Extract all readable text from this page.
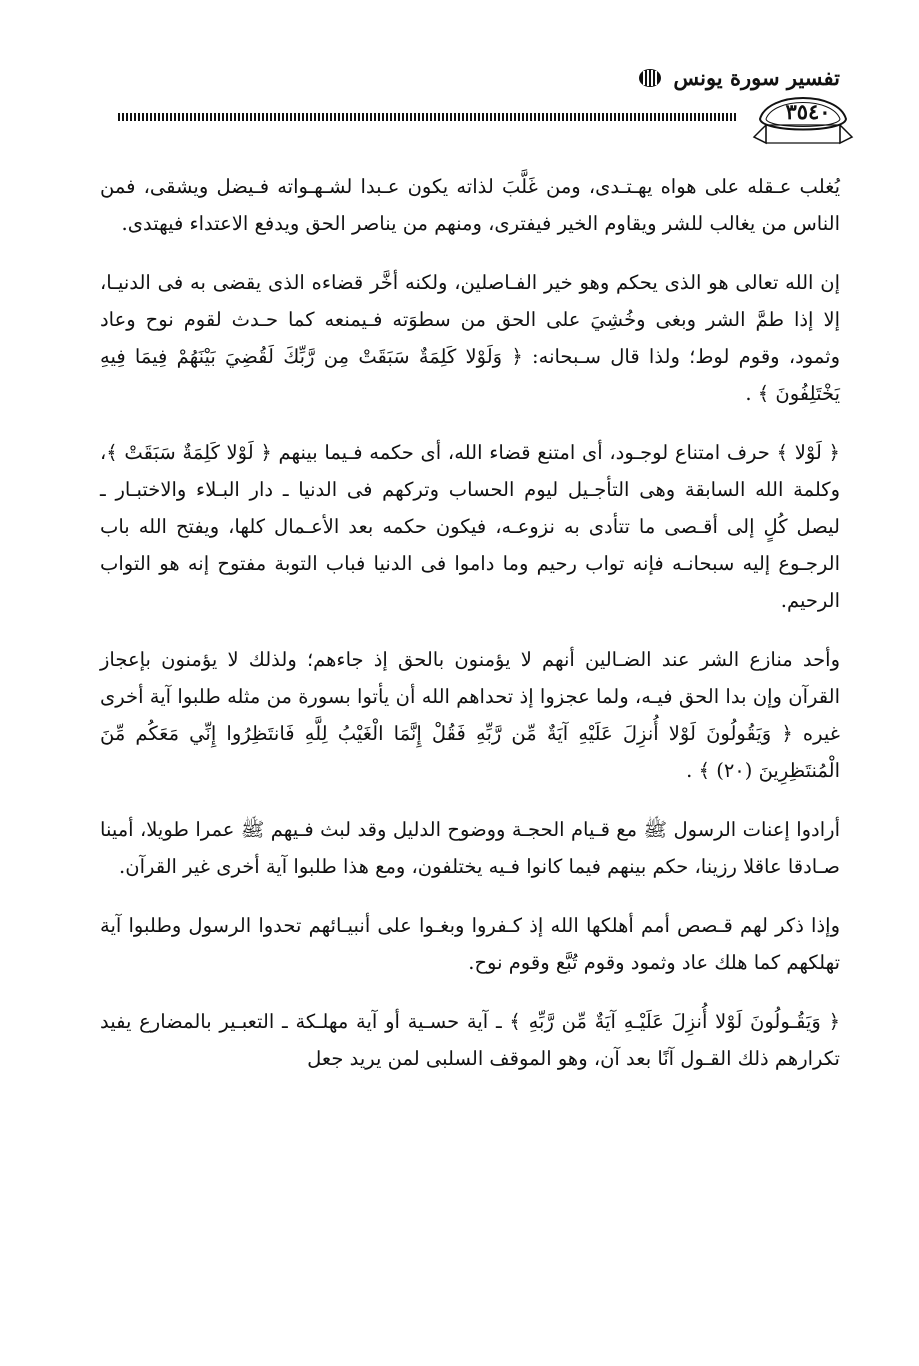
تفسير سورة يونس
٣٥٤٠

يُغلب عـقله على هواه يهـتـدى، ومن غَلَّبَ لذاته يكون عـبدا لشـهـواته فـيضل ويشقى، فمن الناس من يغالب للشر ويقاوم الخير فيفترى، ومنهم من يناصر الحق ويدفع الاعتداء فيهتدى.

إن الله تعالى هو الذى يحكم وهو خير الفـاصلين، ولكنه أخَّر قضاءه الذى يقضى به فى الدنيـا، إلا إذا طمَّ الشر وبغى وخُشِيَ على الحق من سطوَته فـيمنعه كما حـدث لقوم نوح وعاد وثمود، وقوم لوط؛ ولذا قال سـبحانه: ﴿ وَلَوْلا كَلِمَةٌ سَبَقَتْ مِن رَّبِّكَ لَقُضِيَ بَيْنَهُمْ فِيمَا فِيهِ يَخْتَلِفُونَ ﴾ .

﴿ لَوْلا ﴾ حرف امتناع لوجـود، أى امتنع قضاء الله، أى حكمه فـيما بينهم ﴿ لَوْلا كَلِمَةٌ سَبَقَتْ ﴾، وكلمة الله السابقة وهى التأجـيل ليوم الحساب وتركهم فى الدنيا ـ دار البـلاء والاختبـار ـ ليصل كُلٍ إلى أقـصى ما تتأدى به نزوعـه، فيكون حكمه بعد الأعـمال كلها، ويفتح الله باب الرجـوع إليه سبحانـه فإنه تواب رحيم وما داموا فى الدنيا فباب التوبة مفتوح إنه هو التواب الرحيم.

وأحد منازع الشر عند الضـالين أنهم لا يؤمنون بالحق إذ جاءهم؛ ولذلك لا يؤمنون بإعجاز القرآن وإن بدا الحق فيـه، ولما عجزوا إذ تحداهم الله أن يأتوا بسورة من مثله طلبوا آية أخرى غيره ﴿ وَيَقُولُونَ لَوْلا أُنزِلَ عَلَيْهِ آيَةٌ مِّن رَّبِّهِ فَقُلْ إِنَّمَا الْغَيْبُ لِلَّهِ فَانتَظِرُوا إِنِّي مَعَكُم مِّنَ الْمُنتَظِرِينَ (٢٠) ﴾ .

أرادوا إعنات الرسول ﷺ مع قـيام الحجـة ووضوح الدليل وقد لبث فـيهم ﷺ عمرا طويلا، أمينا صـادقا عاقلا رزينا، حكم بينهم فيما كانوا فـيه يختلفون، ومع هذا طلبوا آية أخرى غير القرآن.

وإذا ذكر لهم قـصص أمم أهلكها الله إذ كـفروا وبغـوا على أنبيـائهم تحدوا الرسول وطلبوا آية تهلكهم كما هلك عاد وثمود وقوم تُبَّع وقوم نوح.

﴿ وَيَقُـولُونَ لَوْلا أُنزِلَ عَلَيْـهِ آيَةٌ مِّن رَّبِّهِ ﴾ ـ آية حسـية أو آية مهلـكة ـ التعبـير بالمضارع يفيد تكرارهم ذلك القـول آنًا بعد آن، وهو الموقف السلبى لمن يريد جعل
